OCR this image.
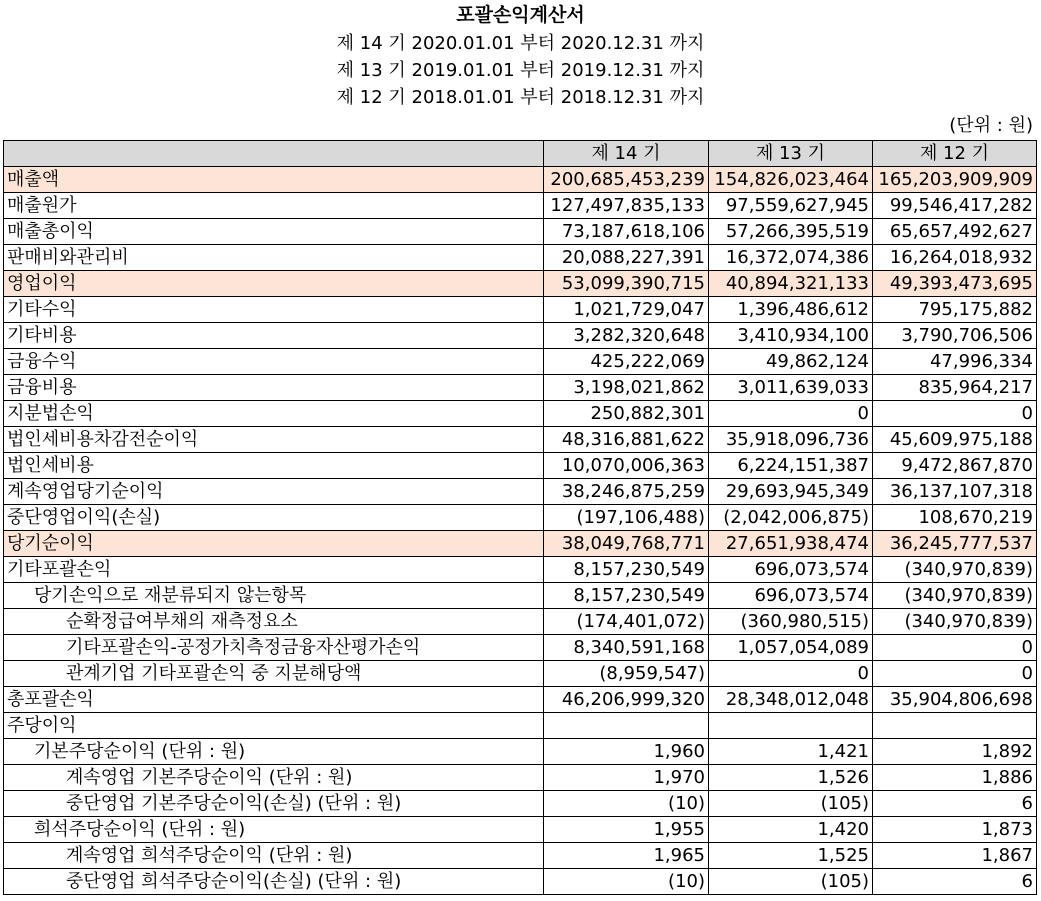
포괄손익계산서
제 14 기 2020.01.01 부터 2020.12.31 까지
제 13 기 2019.01.01 부터 2019.12.31 까지
제 12 기 2018.01.01 부터 2018.12.31 까지
(단위 : 원)
	제 14 기	제 13 기	제 12 기
매출액	200,685,453,239	154,826,023,464	165,203,909,909
매출원가	127,497,835,133	97,559,627,945	99,546,417,282
매출총이익	73,187,618,106	57,266,395,519	65,657,492,627
판매비와관리비	20,088,227,391	16,372,074,386	16,264,018,932
영업이익	53,099,390,715	40,894,321,133	49,393,473,695
기타수익	1,021,729,047	1,396,486,612	795,175,882
기타비용	3,282,320,648	3,410,934,100	3,790,706,506
금융수익	425,222,069	49,862,124	47,996,334
금융비용	3,198,021,862	3,011,639,033	835,964,217
지분법손익	250,882,301	0	0
법인세비용차감전순이익	48,316,881,622	35,918,096,736	45,609,975,188
법인세비용	10,070,006,363	6,224,151,387	9,472,867,870
계속영업당기순이익	38,246,875,259	29,693,945,349	36,137,107,318
중단영업이익(손실)	(197,106,488)	(2,042,006,875)	108,670,219
당기순이익	38,049,768,771	27,651,938,474	36,245,777,537
기타포괄손익	8,157,230,549	696,073,574	(340,970,839)
당기손익으로 재분류되지 않는항목	8,157,230,549	696,073,574	(340,970,839)
순확정급여부채의 재측정요소	(174,401,072)	(360,980,515)	(340,970,839)
기타포괄손익-공정가치측정금융자산평가손익	8,340,591,168	1,057,054,089	0
관계기업 기타포괄손익 중 지분해당액	(8,959,547)	0	0
총포괄손익	46,206,999,320	28,348,012,048	35,904,806,698
주당이익			
기본주당순이익 (단위 : 원)	1,960	1,421	1,892
계속영업 기본주당순이익 (단위 : 원)	1,970	1,526	1,886
중단영업 기본주당순이익(손실) (단위 : 원)	(10)	(105)	6
희석주당순이익 (단위 : 원)	1,955	1,420	1,873
계속영업 희석주당순이익 (단위 : 원)	1,965	1,525	1,867
중단영업 희석주당순이익(손실) (단위 : 원)	(10)	(105)	6
